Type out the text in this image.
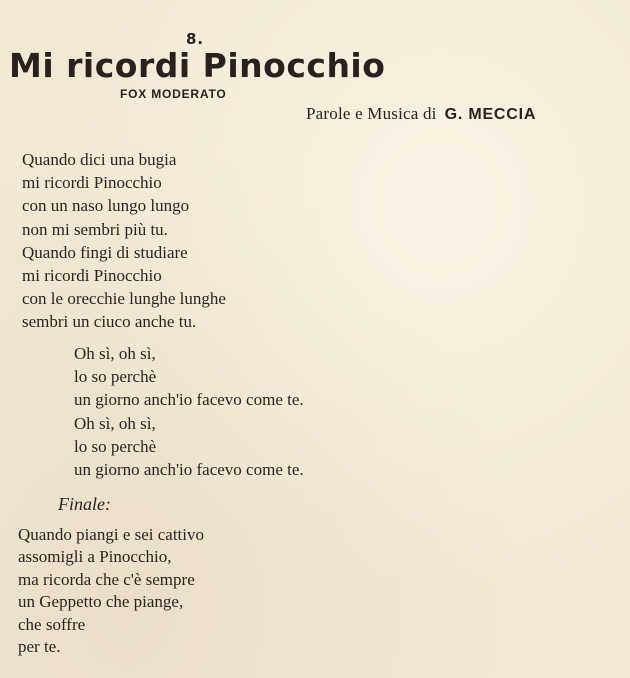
8.
Mi ricordi Pinocchio
FOX MODERATO
Parole e Musica di G. MECCIA
Quando dici una bugia
mi ricordi Pinocchio
con un naso lungo lungo
non mi sembri più tu.
Quando fingi di studiare
mi ricordi Pinocchio
con le orecchie lunghe lunghe
sembri un ciuco anche tu.
Oh sì, oh sì,
lo so perchè
un giorno anch'io facevo come te.
Oh sì, oh sì,
lo so perchè
un giorno anch'io facevo come te.
Finale:
Quando piangi e sei cattivo
assomigli a Pinocchio,
ma ricorda che c'è sempre
un Geppetto che piange,
che soffre
per te.
